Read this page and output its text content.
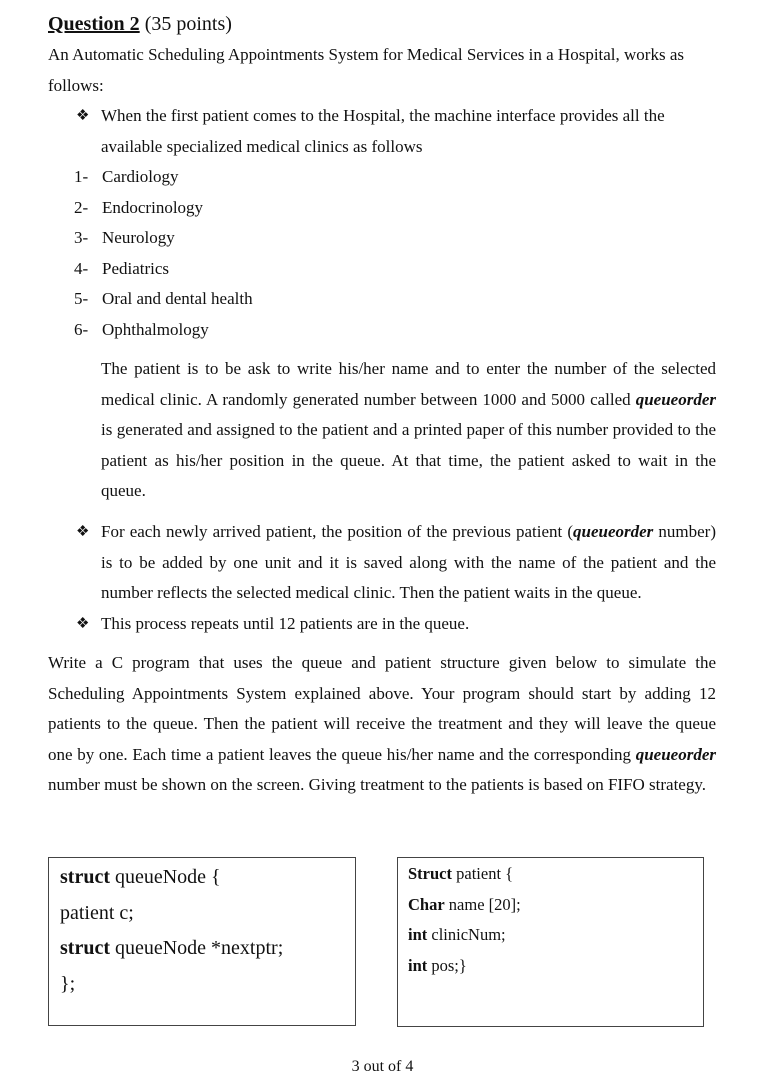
Question 2 (35 points)

An Automatic Scheduling Appointments System for Medical Services in a Hospital, works as

follows:

❖ When the first patient comes to the Hospital, the machine interface provides all the

available specialized medical clinics as follows

1- Cardiology

2- Endocrinology

3- Neurology

4- Pediatrics

5- Oral and dental health

6- Ophthalmology

The patient is to be ask to write his/her name and to enter the number of the selected medical clinic. A randomly generated number between 1000 and 5000 called queueorder is generated and assigned to the patient and a printed paper of this number provided to the patient as his/her position in the queue. At that time, the patient asked to wait in the queue.

❖ For each newly arrived patient, the position of the previous patient (queueorder number) is to be added by one unit and it is saved along with the name of the patient and the number reflects the selected medical clinic. Then the patient waits in the queue.

❖ This process repeats until 12 patients are in the queue.

Write a C program that uses the queue and patient structure given below to simulate the Scheduling Appointments System explained above. Your program should start by adding 12 patients to the queue. Then the patient will receive the treatment and they will leave the queue one by one. Each time a patient leaves the queue his/her name and the corresponding queueorder number must be shown on the screen. Giving treatment to the patients is based on FIFO strategy.

struct queueNode {
patient c;
struct queueNode *nextptr;
};
Struct patient {
Char name [20];
int clinicNum;
int pos;}
3 out of 4
